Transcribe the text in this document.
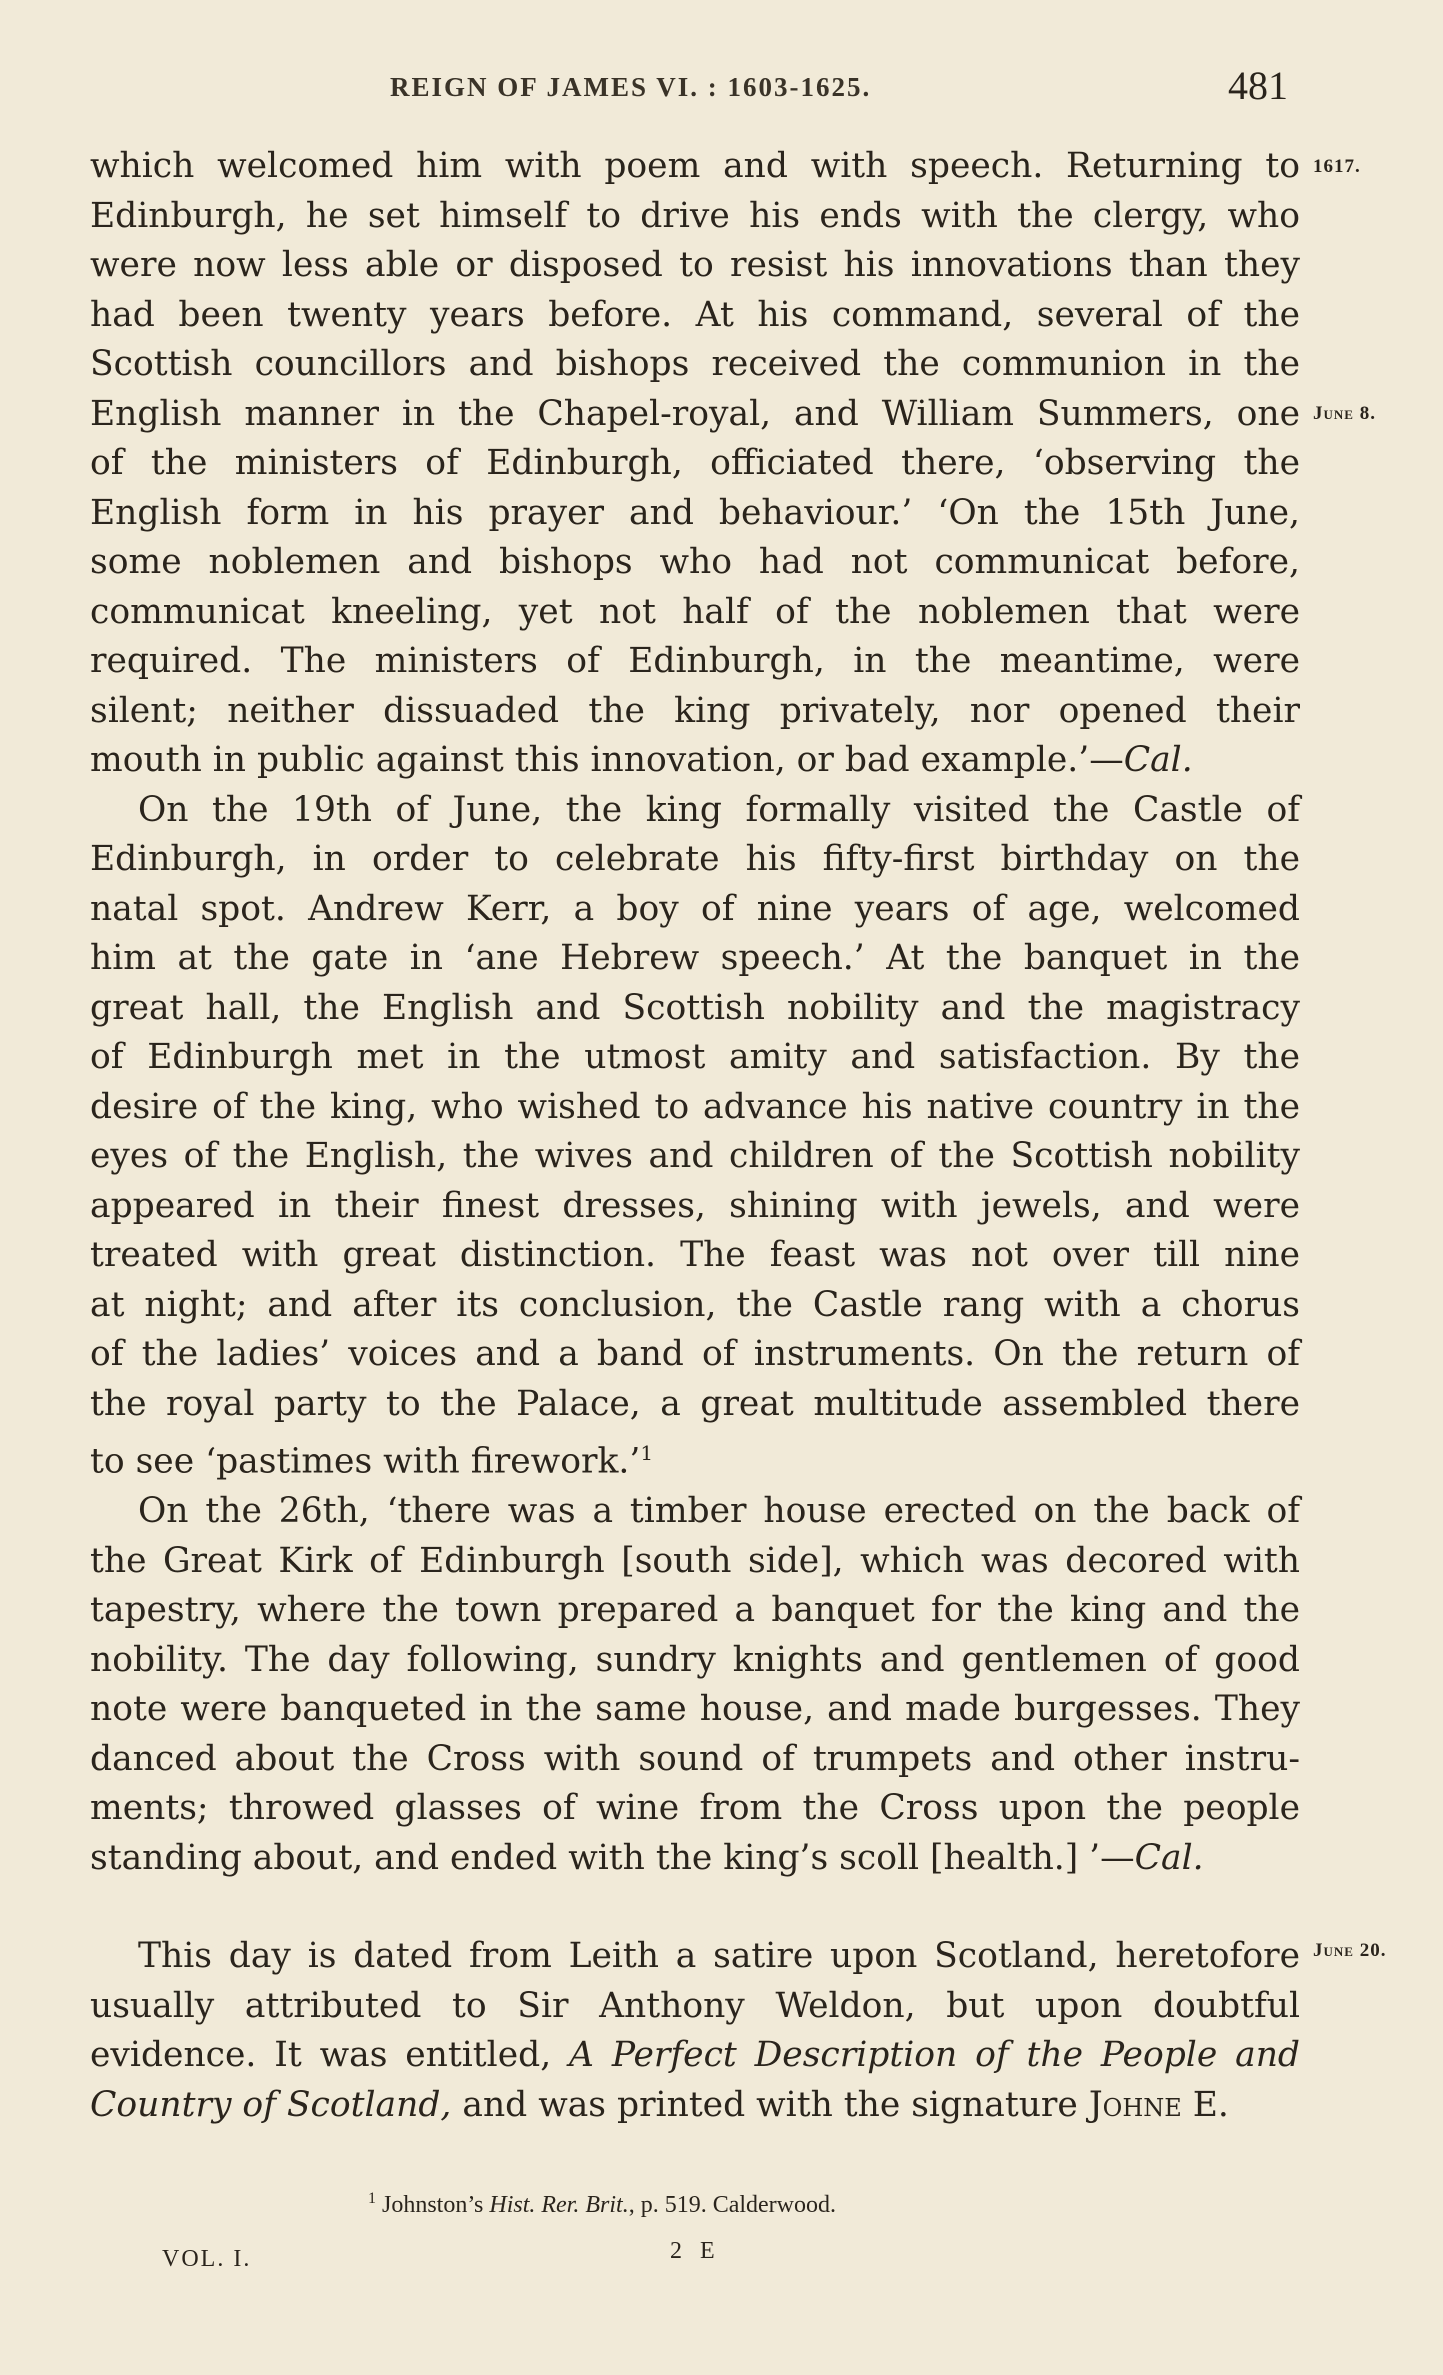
REIGN OF JAMES VI. : 1603-1625.	481
1617.
June 8.
June 20.
which welcomed him with poem and with speech. Returning to
Edinburgh, he set himself to drive his ends with the clergy, who
were now less able or disposed to resist his innovations than they
had been twenty years before. At his command, several of the
Scottish councillors and bishops received the communion in the
English manner in the Chapel-royal, and William Summers, one
of the ministers of Edinburgh, officiated there, ‘observing the
English form in his prayer and behaviour.’ ‘On the 15th June,
some noblemen and bishops who had not communicat before,
communicat kneeling, yet not half of the noblemen that were
required. The ministers of Edinburgh, in the meantime, were
silent; neither dissuaded the king privately, nor opened their
mouth in public against this innovation, or bad example.’—Cal.
On the 19th of June, the king formally visited the Castle of
Edinburgh, in order to celebrate his fifty-first birthday on the
natal spot. Andrew Kerr, a boy of nine years of age, welcomed
him at the gate in ‘ane Hebrew speech.’ At the banquet in the
great hall, the English and Scottish nobility and the magistracy
of Edinburgh met in the utmost amity and satisfaction. By the
desire of the king, who wished to advance his native country in the
eyes of the English, the wives and children of the Scottish nobility
appeared in their finest dresses, shining with jewels, and were
treated with great distinction. The feast was not over till nine
at night; and after its conclusion, the Castle rang with a chorus
of the ladies’ voices and a band of instruments. On the return of
the royal party to the Palace, a great multitude assembled there
to see ‘pastimes with firework.’$^1$
On the 26th, ‘there was a timber house erected on the back of
the Great Kirk of Edinburgh [south side], which was decored with
tapestry, where the town prepared a banquet for the king and the
nobility. The day following, sundry knights and gentlemen of good
note were banqueted in the same house, and made burgesses. They
danced about the Cross with sound of trumpets and other instru-
ments; throwed glasses of wine from the Cross upon the people
standing about, and ended with the king’s scoll [health.] ’—Cal.
This day is dated from Leith a satire upon Scotland, heretofore
usually attributed to Sir Anthony Weldon, but upon doubtful
evidence. It was entitled, A Perfect Description of the People and
Country of Scotland, and was printed with the signature Johne E.
$^1$ Johnston’s Hist. Rer. Brit., p. 519. Calderwood.
VOL. I.	2 E
